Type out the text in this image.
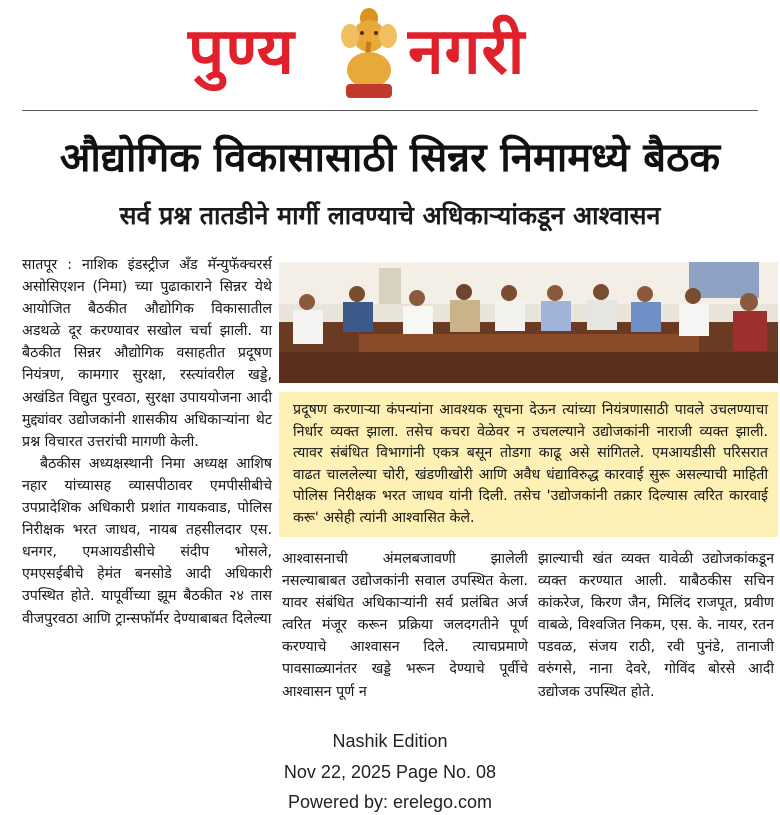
पुण्य नगरी
औद्योगिक विकासासाठी सिन्नर निमामध्ये बैठक
सर्व प्रश्न तातडीने मार्गी लावण्याचे अधिकाऱ्यांकडून आश्वासन

सातपूर : नाशिक इंडस्ट्रीज अँड मॅन्युफॅक्चरर्स असोसिएशन (निमा) च्या पुढाकाराने सिन्नर येथे आयोजित बैठकीत औद्योगिक विकासातील अडथळे दूर करण्यावर सखोल चर्चा झाली. या बैठकीत सिन्नर औद्योगिक वसाहतीत प्रदूषण नियंत्रण, कामगार सुरक्षा, रस्त्यांवरील खड्डे, अखंडित विद्युत पुरवठा, सुरक्षा उपाययोजना आदी मुद्द्यांवर उद्योजकांनी शासकीय अधिकाऱ्यांना थेट प्रश्न विचारत उत्तरांची मागणी केली.

बैठकीस अध्यक्षस्थानी निमा अध्यक्ष आशिष नहार यांच्यासह व्यासपीठावर एमपीसीबीचे उपप्रादेशिक अधिकारी प्रशांत गायकवाड, पोलिस निरीक्षक भरत जाधव, नायब तहसीलदार एस. धनगर, एमआयडीसीचे संदीप भोसले, एमएसईबीचे हेमंत बनसोडे आदी अधिकारी उपस्थित होते. यापूर्वीच्या झूम बैठकीत २४ तास वीजपुरवठा आणि ट्रान्सफॉर्मर देण्याबाबत दिलेल्या

प्रदूषण करणाऱ्या कंपन्यांना आवश्यक सूचना देऊन त्यांच्या नियंत्रणासाठी पावले उचलण्याचा निर्धार व्यक्त झाला. तसेच कचरा वेळेवर न उचलल्याने उद्योजकांनी नाराजी व्यक्त झाली. त्यावर संबंधित विभागांनी एकत्र बसून तोडगा काढू असे सांगितले. एमआयडीसी परिसरात वाढत चाललेल्या चोरी, खंडणीखोरी आणि अवैध धंद्याविरुद्ध कारवाई सुरू असल्याची माहिती पोलिस निरीक्षक भरत जाधव यांनी दिली. तसेच 'उद्योजकांनी तक्रार दिल्यास त्वरित कारवाई करू' असेही त्यांनी आश्वासित केले.
आश्वासनाची अंमलबजावणी झालेली नसल्याबाबत उद्योजकांनी सवाल उपस्थित केला. यावर संबंधित अधिकाऱ्यांनी सर्व प्रलंबित अर्ज त्वरित मंजूर करून प्रक्रिया जलदगतीने पूर्ण करण्याचे आश्वासन दिले. त्याचप्रमाणे पावसाळ्यानंतर खड्डे भरून देण्याचे पूर्वीचे आश्वासन पूर्ण न
झाल्याची खंत व्यक्त यावेळी उद्योजकांकडून व्यक्त करण्यात आली. याबैठकीस सचिन कांकरेज, किरण जैन, मिलिंद राजपूत, प्रवीण वाबळे, विश्वजित निकम, एस. के. नायर, रतन पडवळ, संजय राठी, रवी पुनंडे, तानाजी वरुंगसे, नाना देवरे, गोविंद बोरसे आदी उद्योजक उपस्थित होते.
Nashik Edition
Nov 22, 2025 Page No. 08
Powered by: erelego.com
